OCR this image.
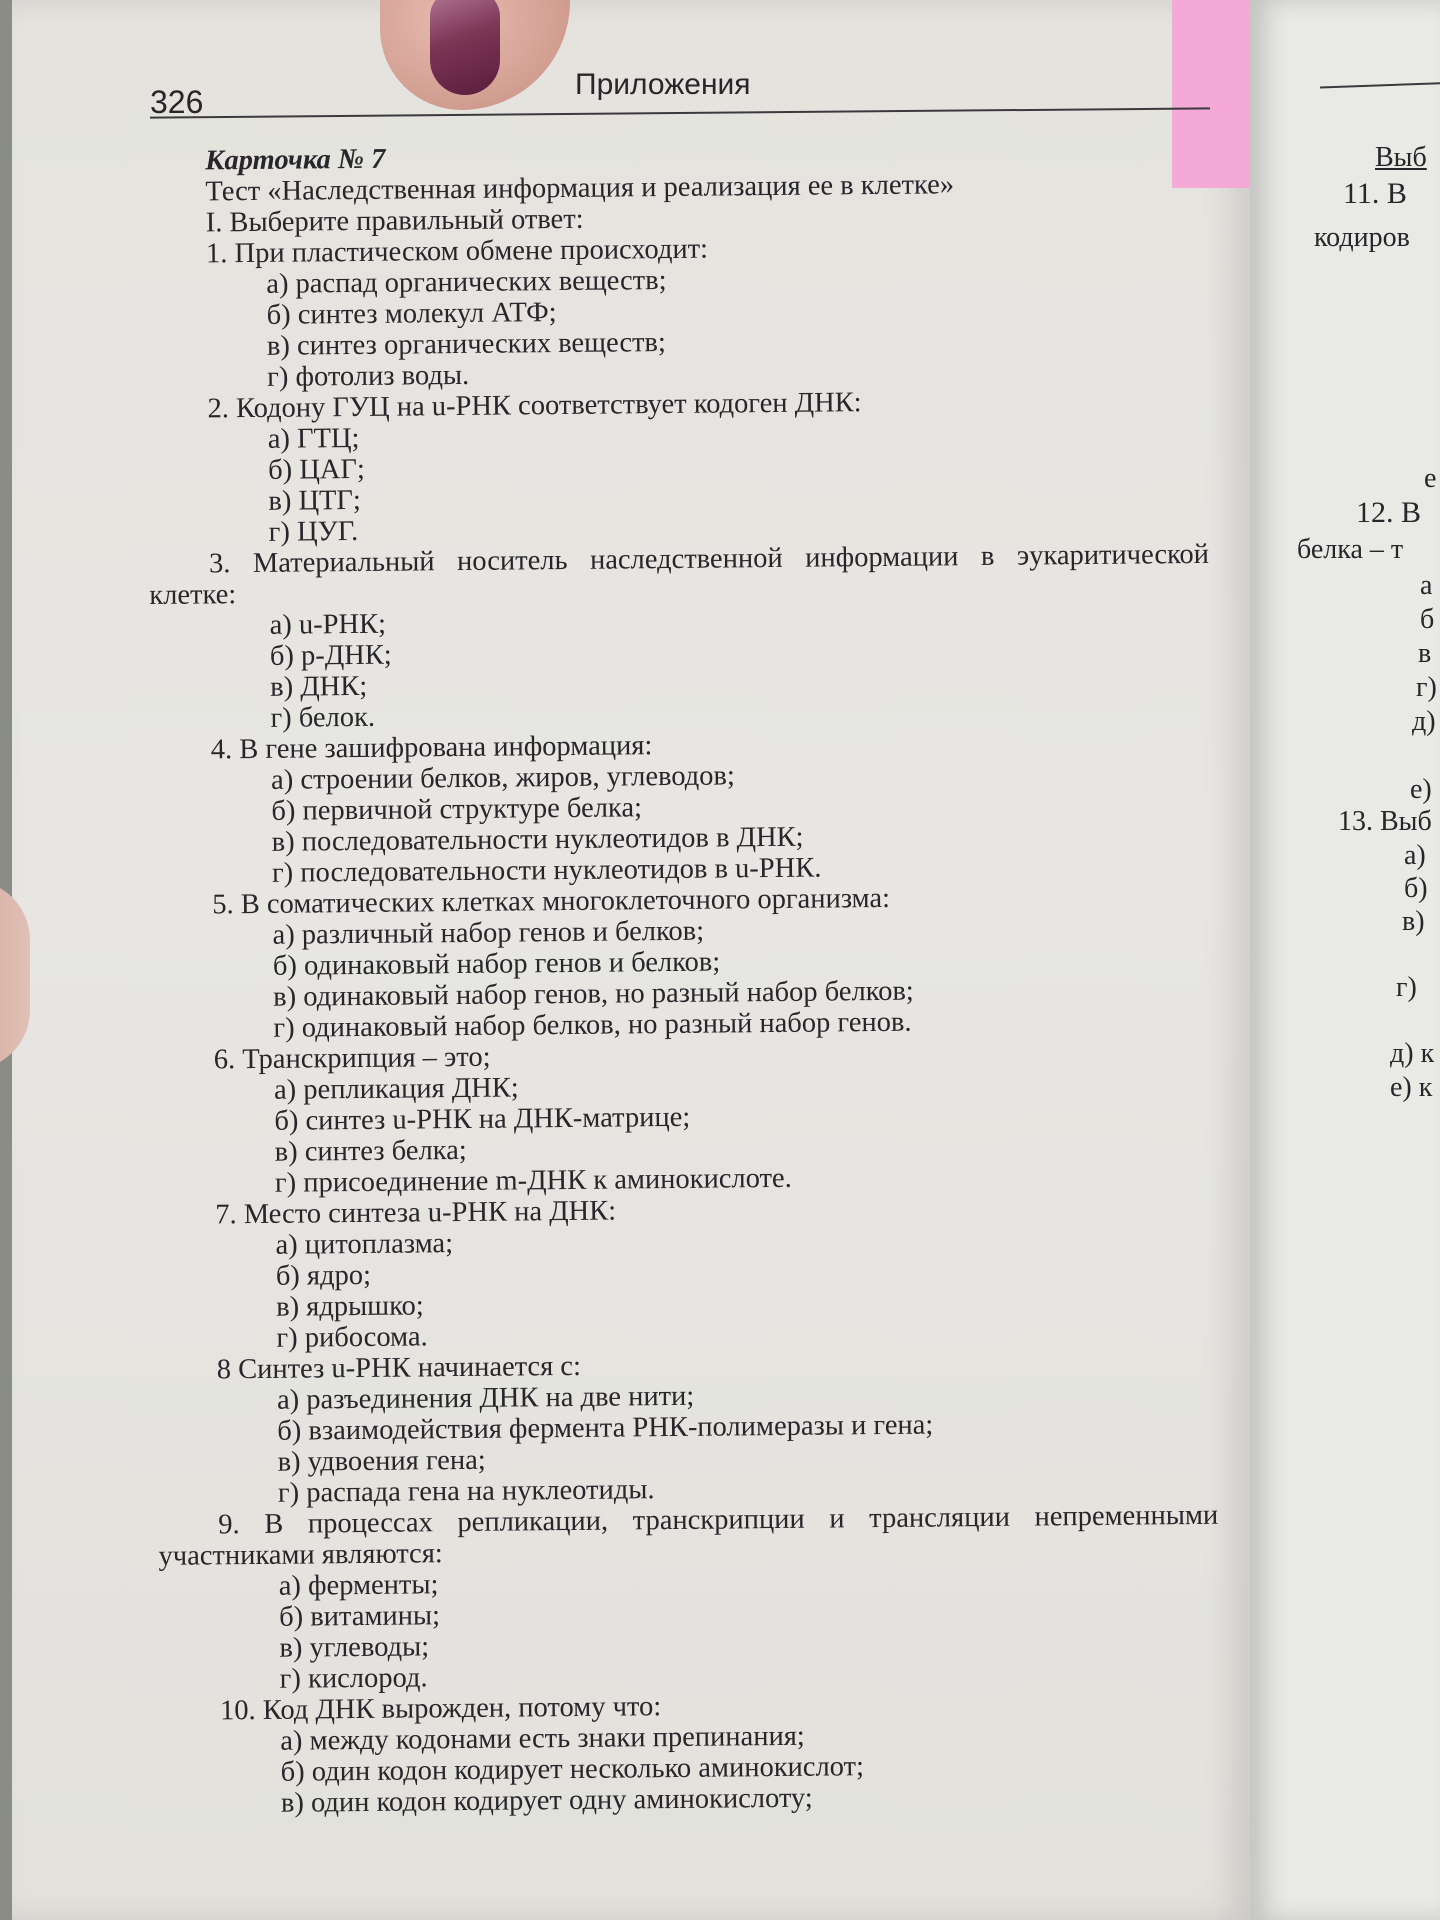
Выб
11. В
кодиров
е
12. В
белка – т
а
б
в
г)
д)
е)
13. Выб
а)
б)
в)
г)
д) к
е) к
326	Приложения
Карточка № 7
Тест «Наследственная информация и реализация ее в клетке»
I. Выберите правильный ответ:
1. При пластическом обмене происходит:
а) распад органических веществ;
б) синтез молекул АТФ;
в) синтез органических веществ;
г) фотолиз воды.
2. Кодону ГУЦ на u-РНК соответствует кодоген ДНК:
а) ГТЦ;
б) ЦАГ;
в) ЦТГ;
г) ЦУГ.
3. Материальный носитель наследственной информации в эукаритической клетке:
а) u-РНК;
б) р-ДНК;
в) ДНК;
г) белок.
4. В гене зашифрована информация:
а) строении белков, жиров, углеводов;
б) первичной структуре белка;
в) последовательности нуклеотидов в ДНК;
г) последовательности нуклеотидов в u-РНК.
5. В соматических клетках многоклеточного организма:
а) различный набор генов и белков;
б) одинаковый набор генов и белков;
в) одинаковый набор генов, но разный набор белков;
г) одинаковый набор белков, но разный набор генов.
6. Транскрипция – это;
а) репликация ДНК;
б) синтез u-РНК на ДНК-матрице;
в) синтез белка;
г) присоединение m-ДНК к аминокислоте.
7. Место синтеза u-РНК на ДНК:
а) цитоплазма;
б) ядро;
в) ядрышко;
г) рибосома.
8 Синтез u-РНК начинается с:
а) разъединения ДНК на две нити;
б) взаимодействия фермента РНК-полимеразы и гена;
в) удвоения гена;
г) распада гена на нуклеотиды.
9. В процессах репликации, транскрипции и трансляции непременными участниками являются:
а) ферменты;
б) витамины;
в) углеводы;
г) кислород.
10. Код ДНК вырожден, потому что:
а) между кодонами есть знаки препинания;
б) один кодон кодирует несколько аминокислот;
в) один кодон кодирует одну аминокислоту;
